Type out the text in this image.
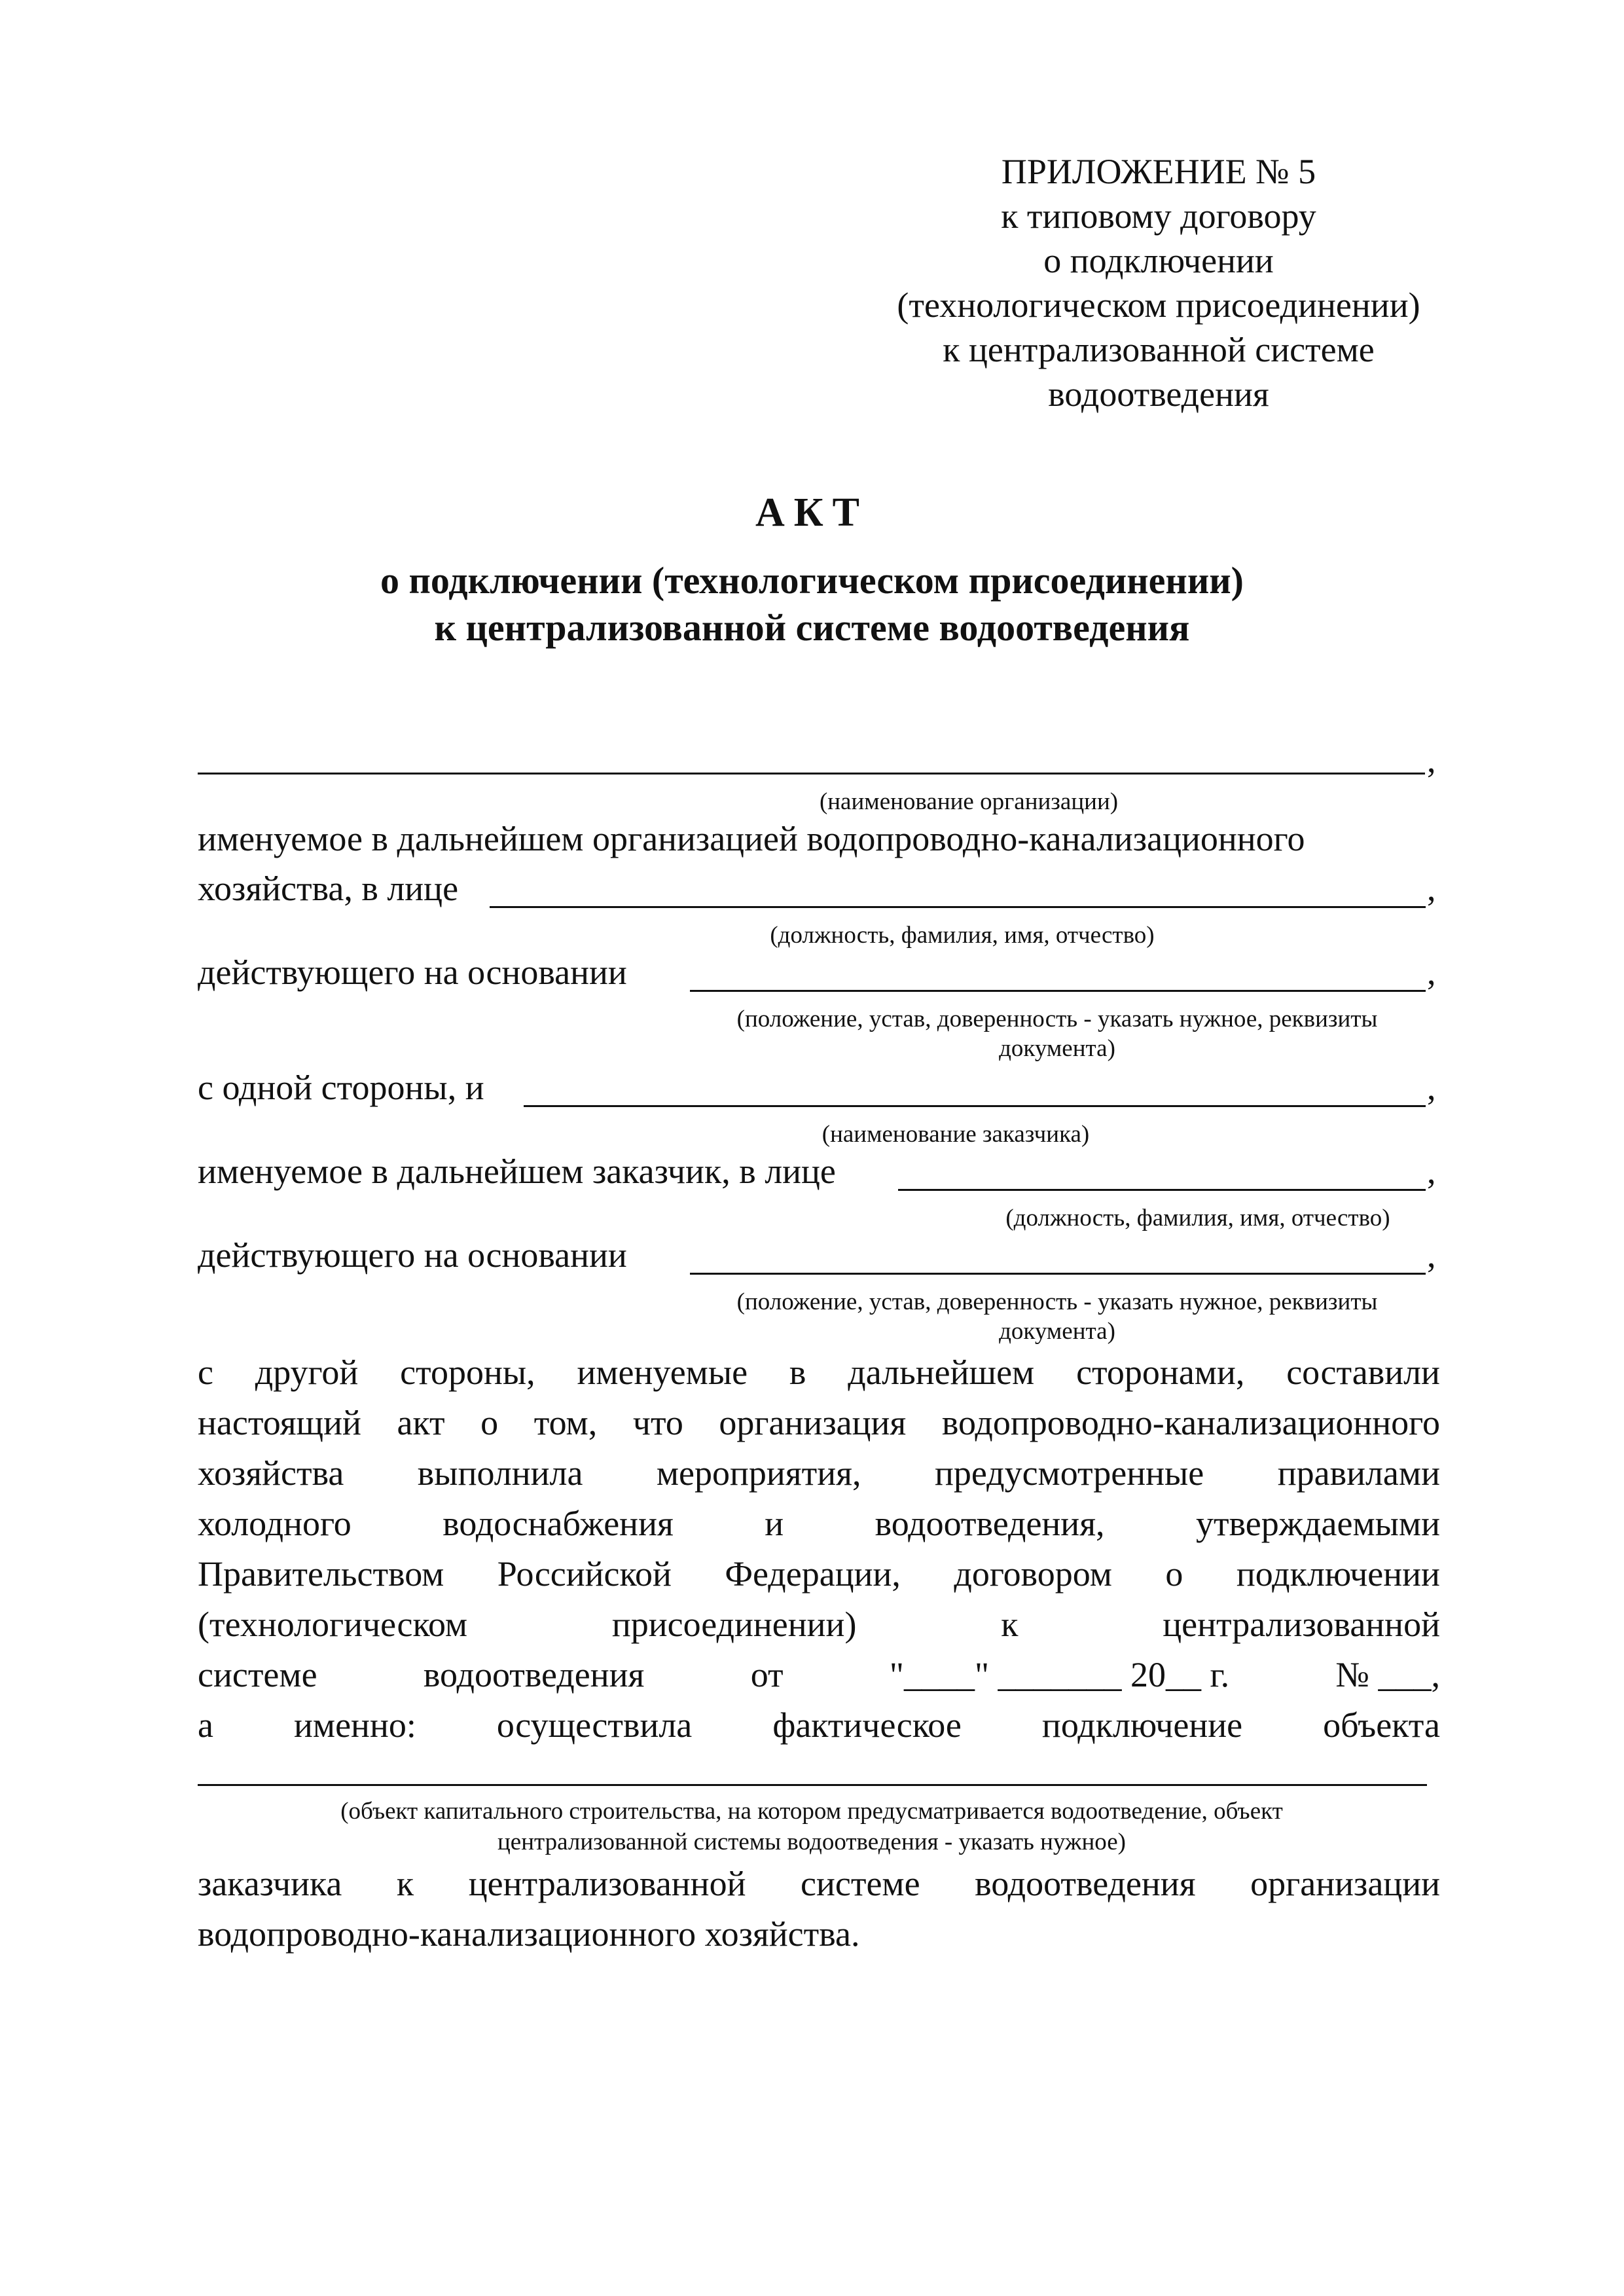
ПРИЛОЖЕНИЕ № 5
к типовому договору
о подключении
(технологическом присоединении)
к централизованной системе
водоотведения
АКТ
о подключении (технологическом присоединении)
к централизованной системе водоотведения
,
(наименование организации)
именуемое в дальнейшем организацией водопроводно-канализационного
хозяйства, в лице	,
(должность, фамилия, имя, отчество)
действующего на основании	,
(положение, устав, доверенность - указать нужное, реквизиты
документа)
с одной стороны, и	,
(наименование заказчика)
именуемое в дальнейшем заказчик, в лице	,
(должность, фамилия, имя, отчество)
действующего на основании	,
(положение, устав, доверенность - указать нужное, реквизиты
документа)
с другой стороны, именуемые в дальнейшем сторонами, составили
настоящий акт о том, что организация водопроводно-канализационного
хозяйства выполнила мероприятия, предусмотренные правилами
холодного	водоснабжения	и	водоотведения,	утверждаемыми
Правительством Российской Федерации, договором о подключении
(технологическом	присоединении)	к	централизованной
системе	водоотведения	от	"____" _______ 20__ г.	№ ___,
а именно: осуществила фактическое подключение объекта
(объект капитального строительства, на котором предусматривается водоотведение, объект
централизованной системы водоотведения - указать нужное)
заказчика к централизованной системе водоотведения организации
водопроводно-канализационного хозяйства.
